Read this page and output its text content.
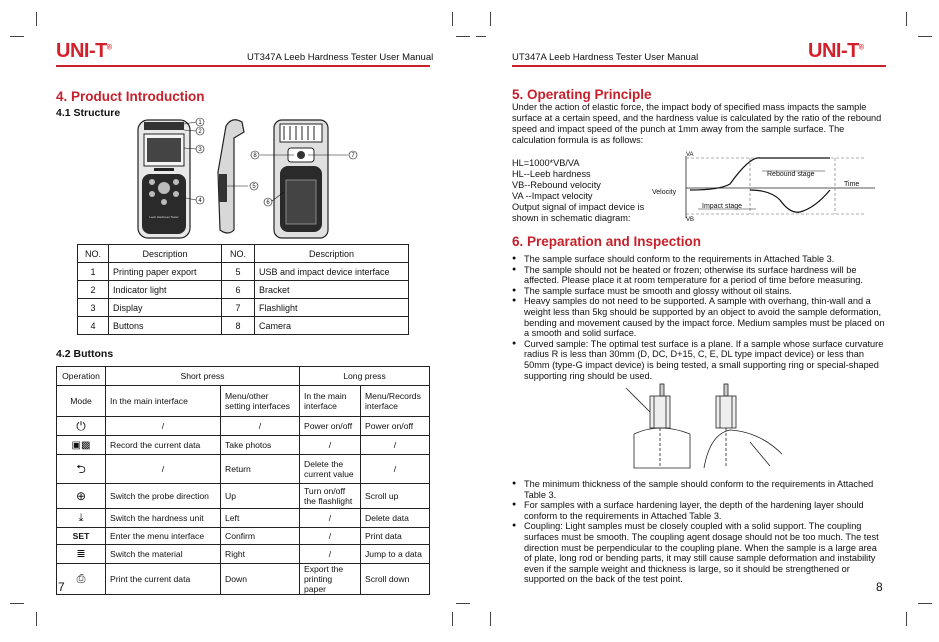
UNI-T®
UT347A Leeb Hardness Tester User Manual
4. Product Introduction
4.1 Structure
Leeb Hardness Tester
1
2
3
4
5
6
7
8
NO.	Description	NO.	Description
1	Printing paper export	5	USB and impact device interface
2	Indicator light	6	Bracket
3	Display	7	Flashlight
4	Buttons	8	Camera
4.2 Buttons
Operation	Short press		Long press	
Mode	In the main interface	Menu/other setting interfaces	In the main interface	Menu/Records interface
⏻	/	/	Power on/off	Power on/off
▣▩	Record the current data	Take photos	/	/
⮌	/	Return	Delete the current value	/
⊕	Switch the probe direction	Up	Turn on/off the flashlight	Scroll up
⤓	Switch the hardness unit	Left	/	Delete data
SET	Enter the menu interface	Confirm	/	Print data
≣	Switch the material	Right	/	Jump to a data
⎙	Print the current data	Down	Export the printing paper	Scroll down
7
UT347A Leeb Hardness Tester User Manual	UNI-T®
5. Operating Principle
Under the action of elastic force, the impact body of specified mass impacts the sample surface at a certain speed, and the hardness value is calculated by the ratio of the rebound speed and impact speed of the punch at 1mm away from the sample surface. The calculation formula is as follows:
HL=1000*VB/VA
HL--Leeb hardness
VB--Rebound velocity
VA --Impact velocity
Output signal of impact device is
shown in schematic diagram:
VA
VB
Velocity
Rebound stage
Impact stage
Time
6. Preparation and Inspection
● The sample surface should conform to the requirements in Attached Table 3.
● The sample should not be heated or frozen; otherwise its surface hardness will be affected. Please place it at room temperature for a period of time before measuring.
● The sample surface must be smooth and glossy without oil stains.
● Heavy samples do not need to be supported. A sample with overhang, thin-wall and a weight less than 5kg should be supported by an object to avoid the sample deformation, bending and movement caused by the impact force. Medium samples must be placed on a smooth and solid surface.
● Curved sample: The optimal test surface is a plane. If a sample whose surface curvature radius R is less than 30mm (D, DC, D+15, C, E, DL type impact device) or less than 50mm (type-G impact device) is being tested, a small supporting ring or special-shaped supporting ring should be used.
● The minimum thickness of the sample should conform to the requirements in Attached Table 3.
● For samples with a surface hardening layer, the depth of the hardening layer should conform to the requirements in Attached Table 3.
● Coupling: Light samples must be closely coupled with a solid support. The coupling surfaces must be smooth. The coupling agent dosage should not be too much. The test direction must be perpendicular to the coupling plane. When the sample is a large area of plate, long rod or bending parts, it may still cause sample deformation and instability even if the sample weight and thickness is large, so it should be strengthened or supported on the back of the test point.
8
